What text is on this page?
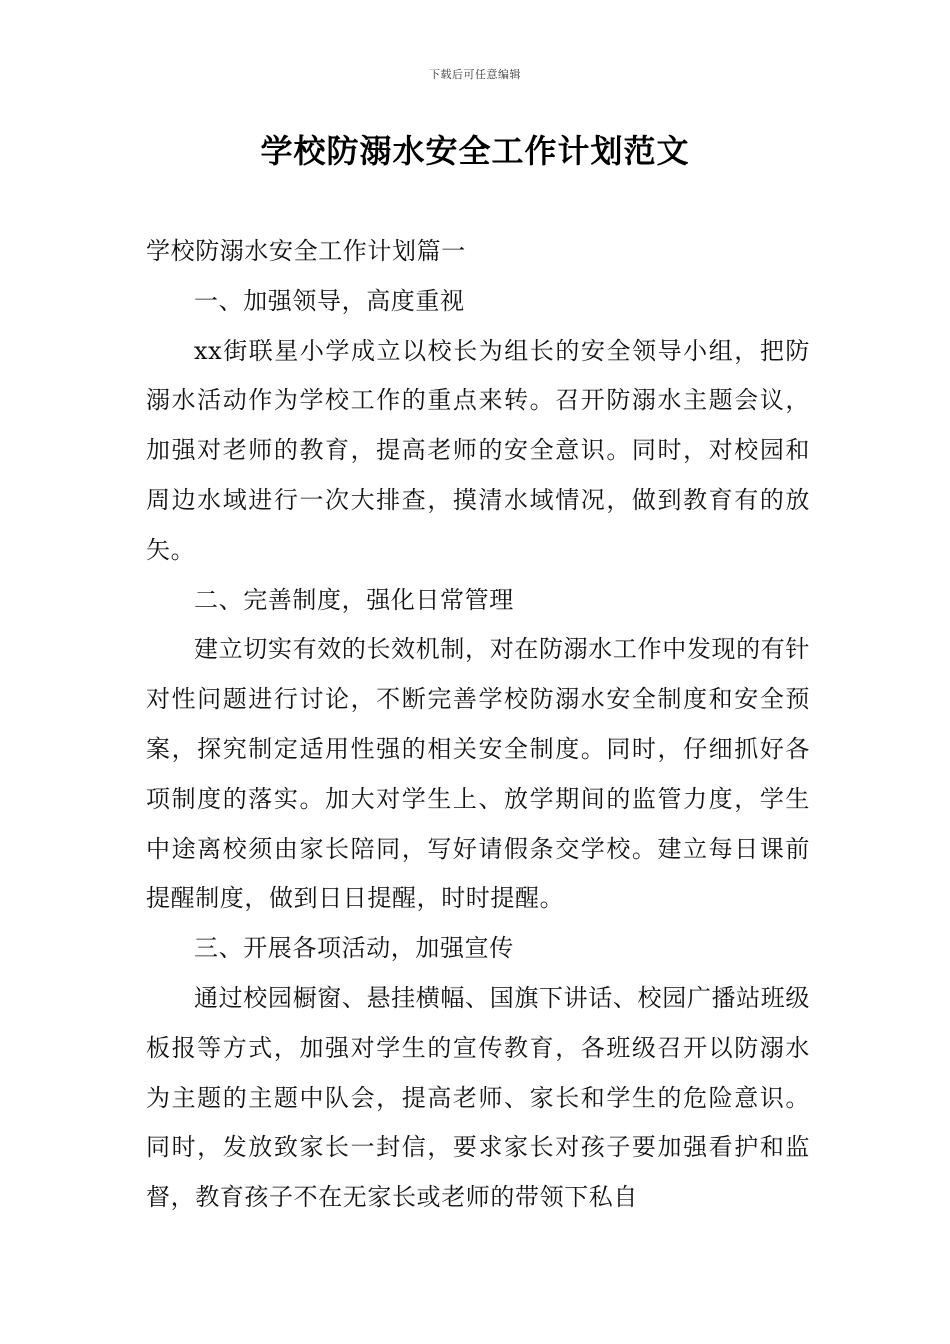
下载后可任意编辑
学校防溺水安全工作计划范文

学校防溺水安全工作计划篇一

一、加强领导，高度重视

xx街联星小学成立以校长为组长的安全领导小组，把防溺水活动作为学校工作的重点来转。召开防溺水主题会议，加强对老师的教育，提高老师的安全意识。同时，对校园和周边水域进行一次大排查，摸清水域情况，做到教育有的放矢。

二、完善制度，强化日常管理

建立切实有效的长效机制，对在防溺水工作中发现的有针对性问题进行讨论，不断完善学校防溺水安全制度和安全预案，探究制定适用性强的相关安全制度。同时，仔细抓好各项制度的落实。加大对学生上、放学期间的监管力度，学生中途离校须由家长陪同，写好请假条交学校。建立每日课前提醒制度，做到日日提醒，时时提醒。

三、开展各项活动，加强宣传

通过校园橱窗、悬挂横幅、国旗下讲话、校园广播站班级板报等方式，加强对学生的宣传教育，各班级召开以防溺水为主题的主题中队会，提高老师、家长和学生的危险意识。同时，发放致家长一封信，要求家长对孩子要加强看护和监督，教育孩子不在无家长或老师的带领下私自
